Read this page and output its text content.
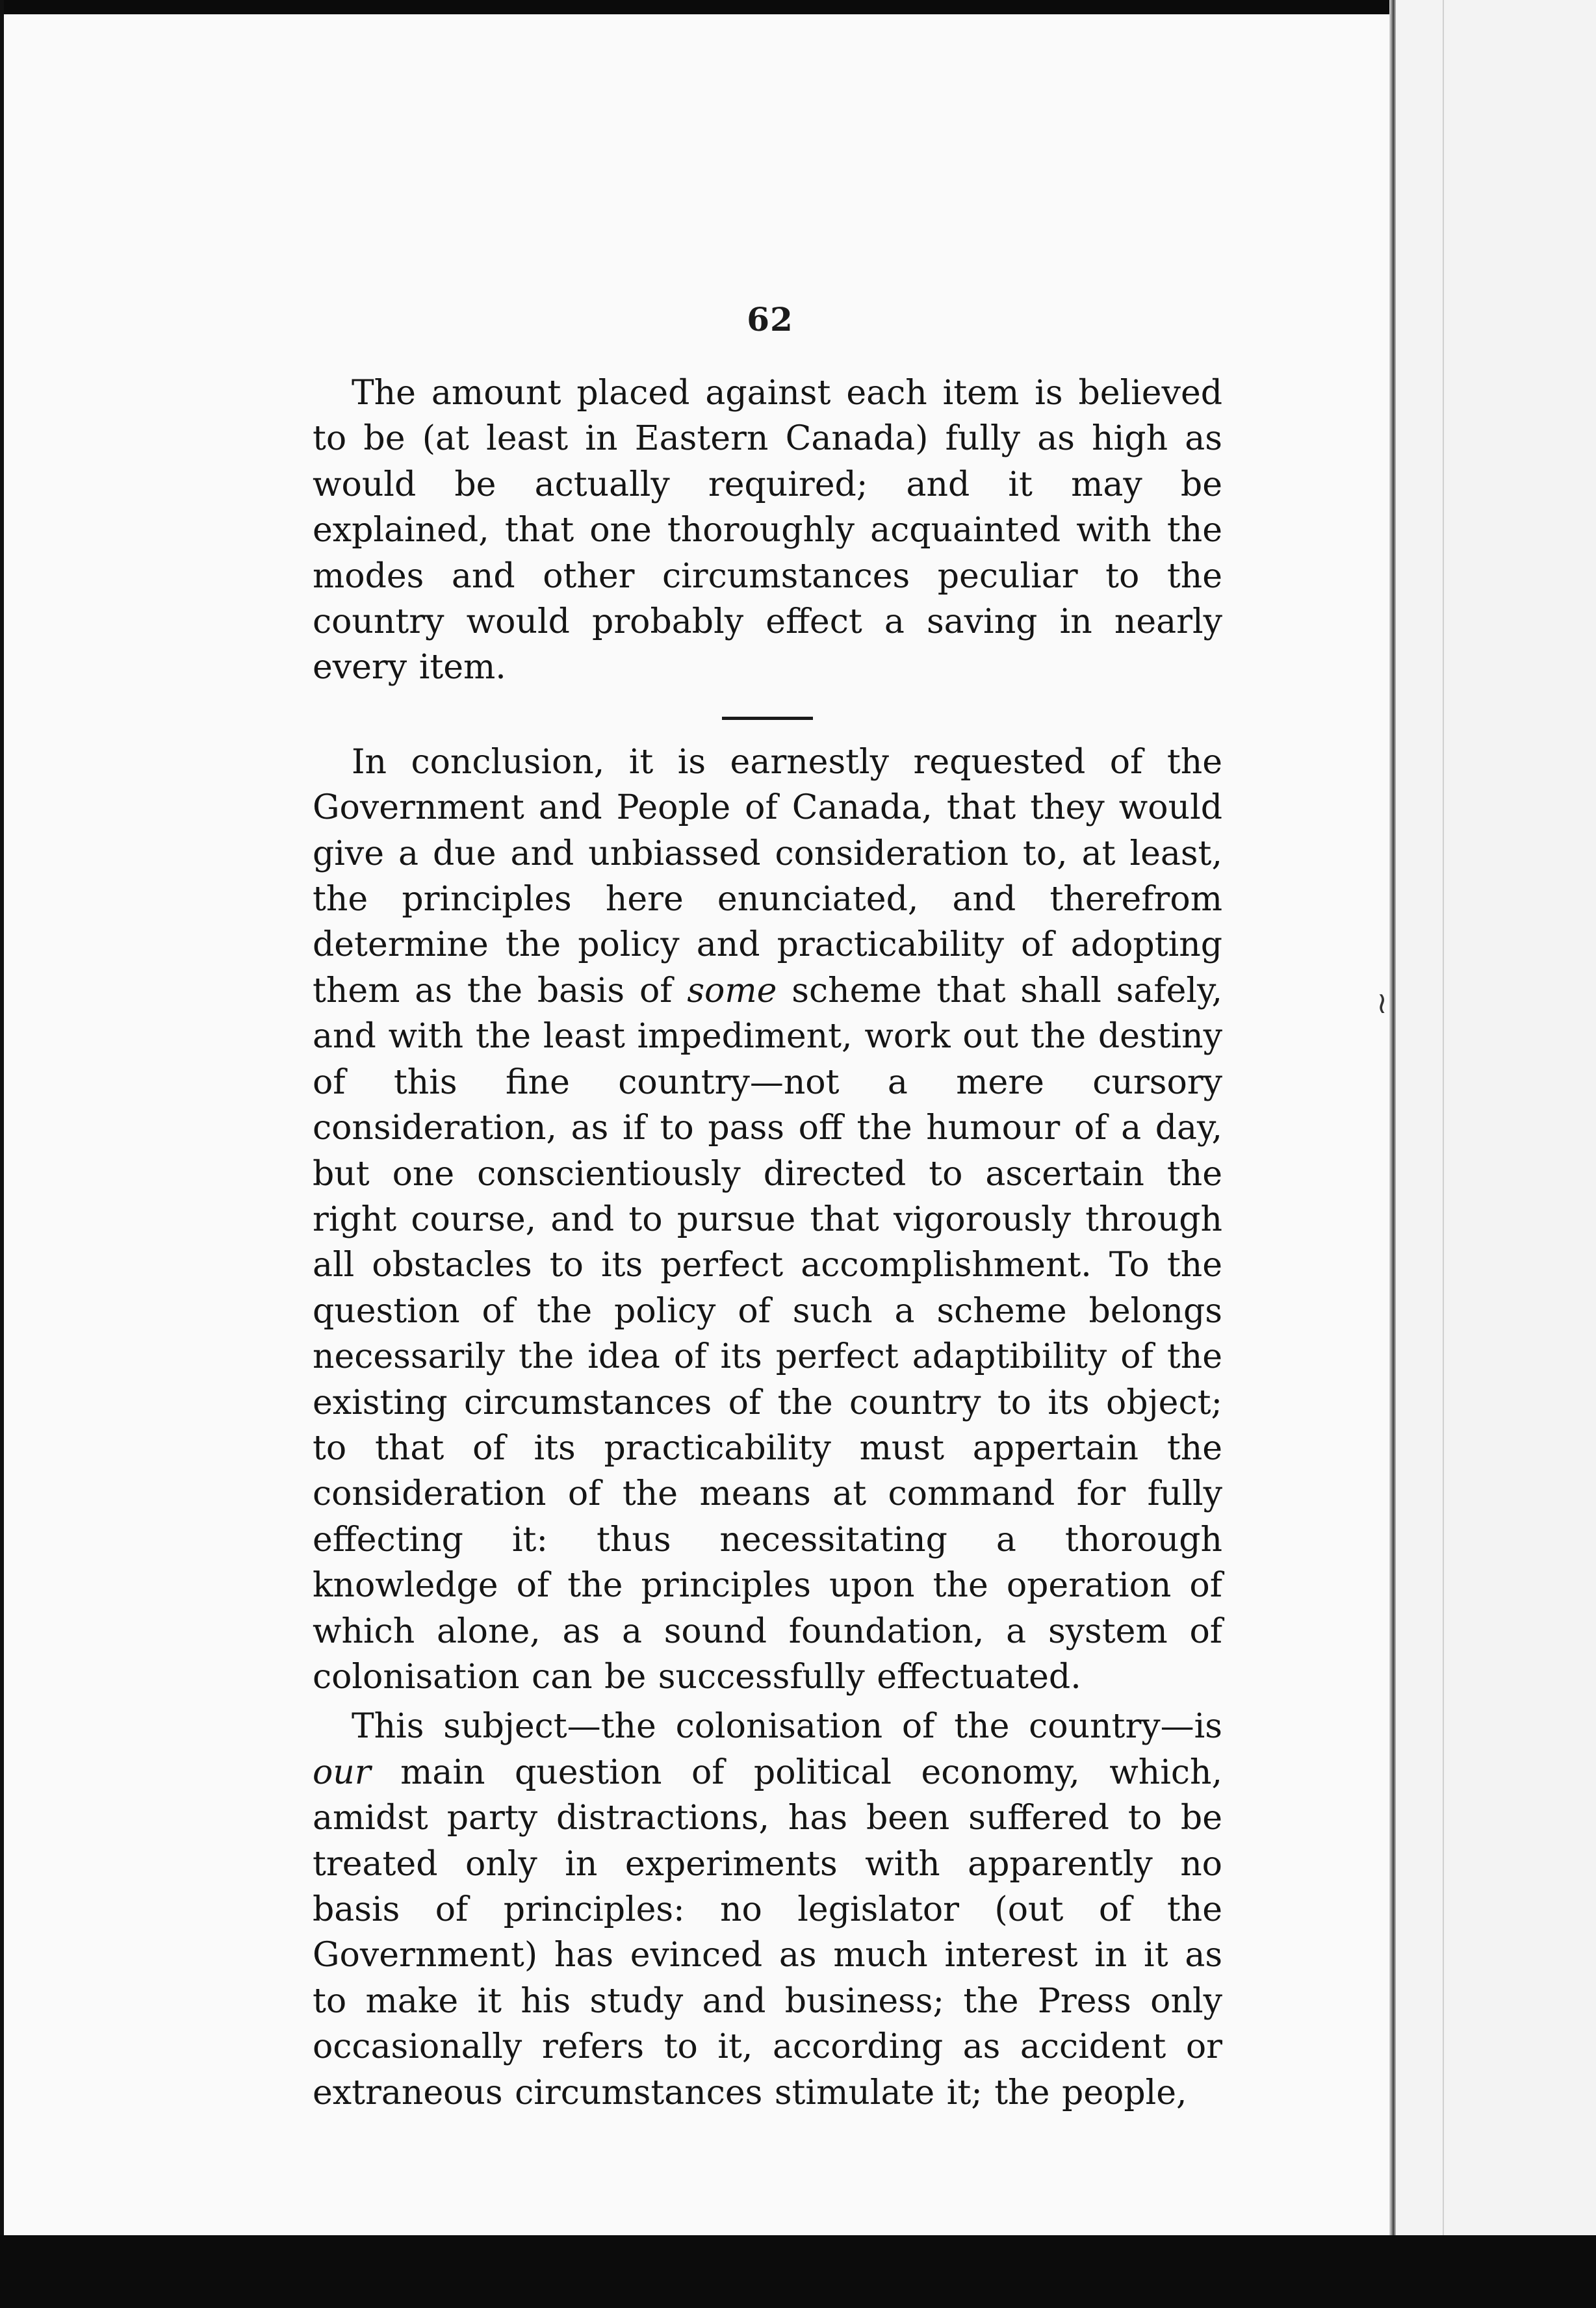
≀
62

The amount placed against each item is believed to be (at least in Eastern Canada) fully as high as would be actually required; and it may be explained, that one thoroughly acquainted with the modes and other circumstances peculiar to the country would probably effect a saving in nearly every item.

In conclusion, it is earnestly requested of the Government and People of Canada, that they would give a due and unbiassed consideration to, at least, the principles here enunciated, and therefrom determine the policy and practicability of adopting them as the basis of some scheme that shall safely, and with the least impediment, work out the destiny of this fine country—not a mere cursory consideration, as if to pass off the humour of a day, but one conscientiously directed to ascertain the right course, and to pursue that vigorously through all obstacles to its perfect accomplishment. To the question of the policy of such a scheme belongs necessarily the idea of its perfect adaptibility of the existing circumstances of the country to its object; to that of its practicability must appertain the consideration of the means at command for fully effecting it: thus necessitating a thorough knowledge of the principles upon the operation of which alone, as a sound foundation, a system of colonisation can be successfully effectuated.

This subject—the colonisation of the country—is our main question of political economy, which, amidst party distractions, has been suffered to be treated only in experiments with apparently no basis of principles: no legislator (out of the Government) has evinced as much interest in it as to make it his study and business; the Press only occasionally refers to it, according as accident or extraneous circumstances stimulate it; the people,
